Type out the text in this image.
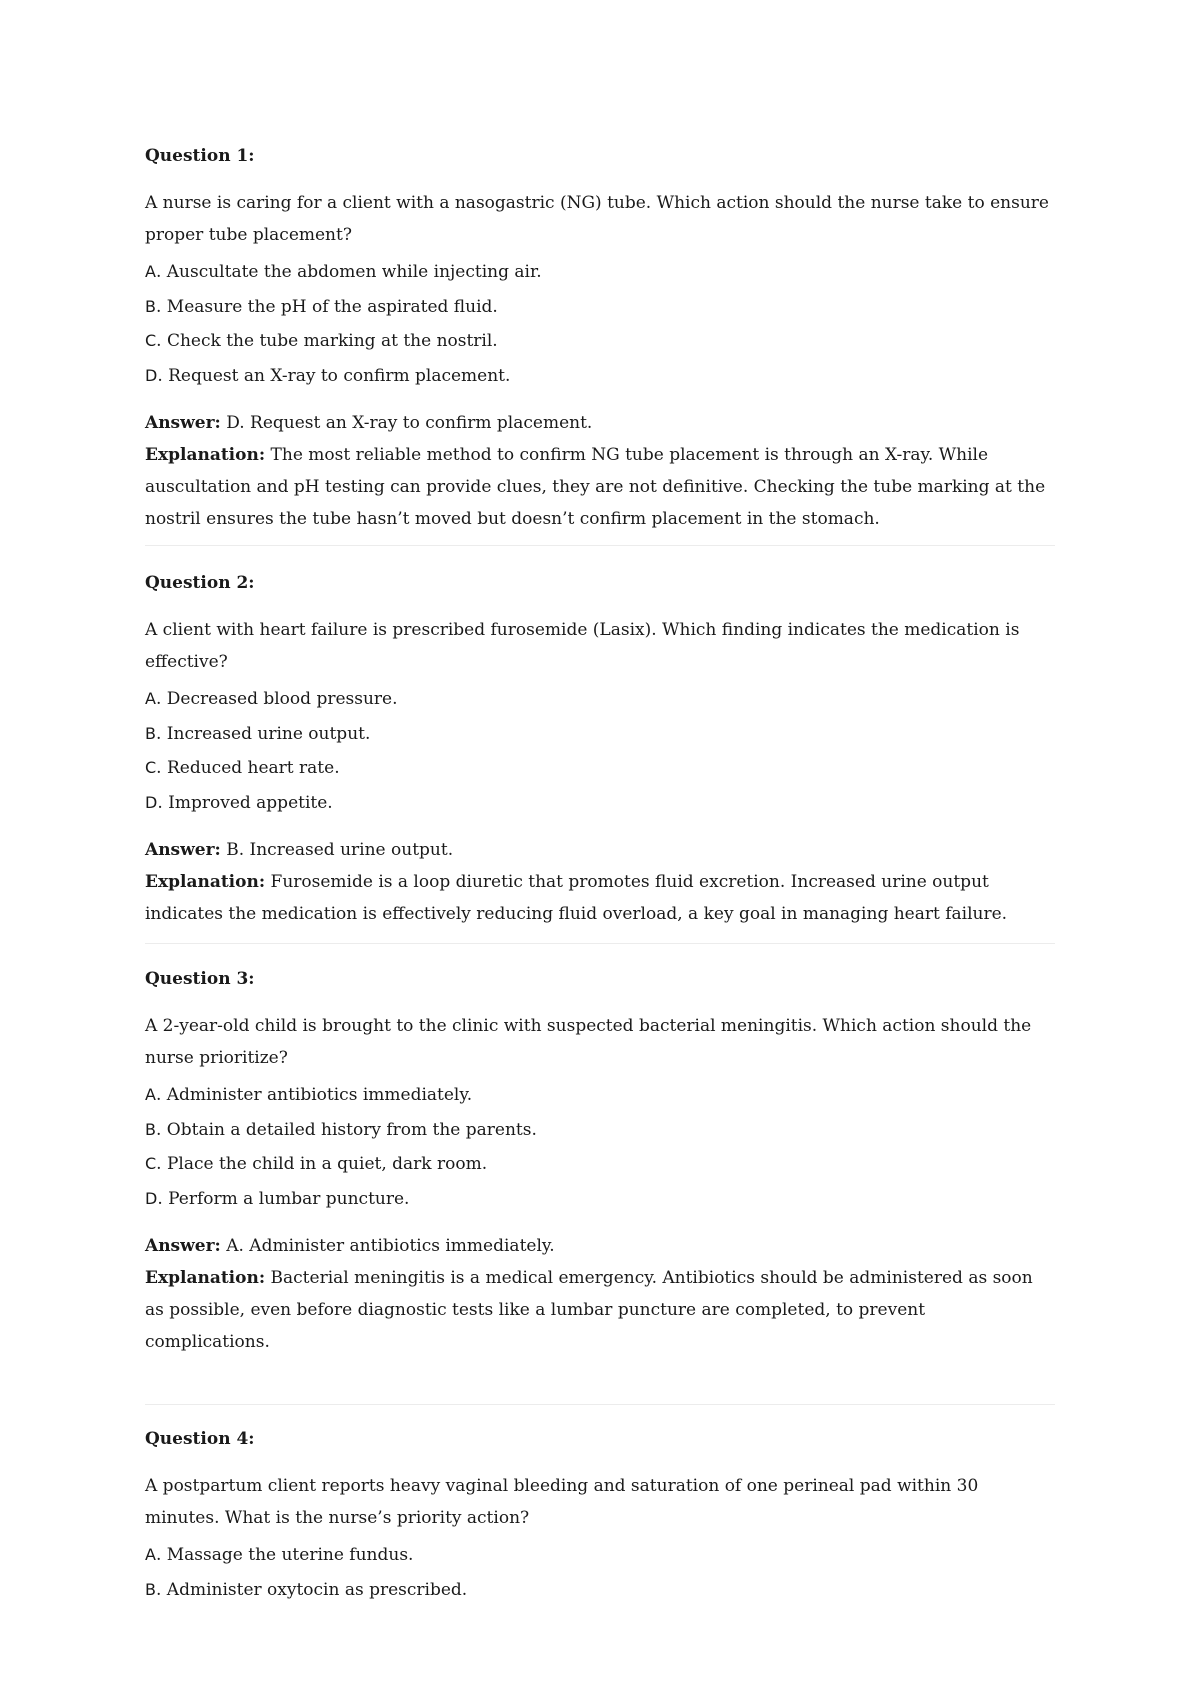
Question 1:

A nurse is caring for a client with a nasogastric (NG) tube. Which action should the nurse take to ensure proper tube placement?

A. Auscultate the abdomen while injecting air.
B. Measure the pH of the aspirated fluid.
C. Check the tube marking at the nostril.
D. Request an X-ray to confirm placement.
Answer: D. Request an X-ray to confirm placement.
Explanation: The most reliable method to confirm NG tube placement is through an X-ray. While auscultation and pH testing can provide clues, they are not definitive. Checking the tube marking at the nostril ensures the tube hasn’t moved but doesn’t confirm placement in the stomach.
Question 2:

A client with heart failure is prescribed furosemide (Lasix). Which finding indicates the medication is effective?

A. Decreased blood pressure.
B. Increased urine output.
C. Reduced heart rate.
D. Improved appetite.
Answer: B. Increased urine output.
Explanation: Furosemide is a loop diuretic that promotes fluid excretion. Increased urine output indicates the medication is effectively reducing fluid overload, a key goal in managing heart failure.
Question 3:

A 2-year-old child is brought to the clinic with suspected bacterial meningitis. Which action should the nurse prioritize?

A. Administer antibiotics immediately.
B. Obtain a detailed history from the parents.
C. Place the child in a quiet, dark room.
D. Perform a lumbar puncture.
Answer: A. Administer antibiotics immediately.
Explanation: Bacterial meningitis is a medical emergency. Antibiotics should be administered as soon as possible, even before diagnostic tests like a lumbar puncture are completed, to prevent complications.
Question 4:

A postpartum client reports heavy vaginal bleeding and saturation of one perineal pad within 30 minutes. What is the nurse’s priority action?

A. Massage the uterine fundus.
B. Administer oxytocin as prescribed.
